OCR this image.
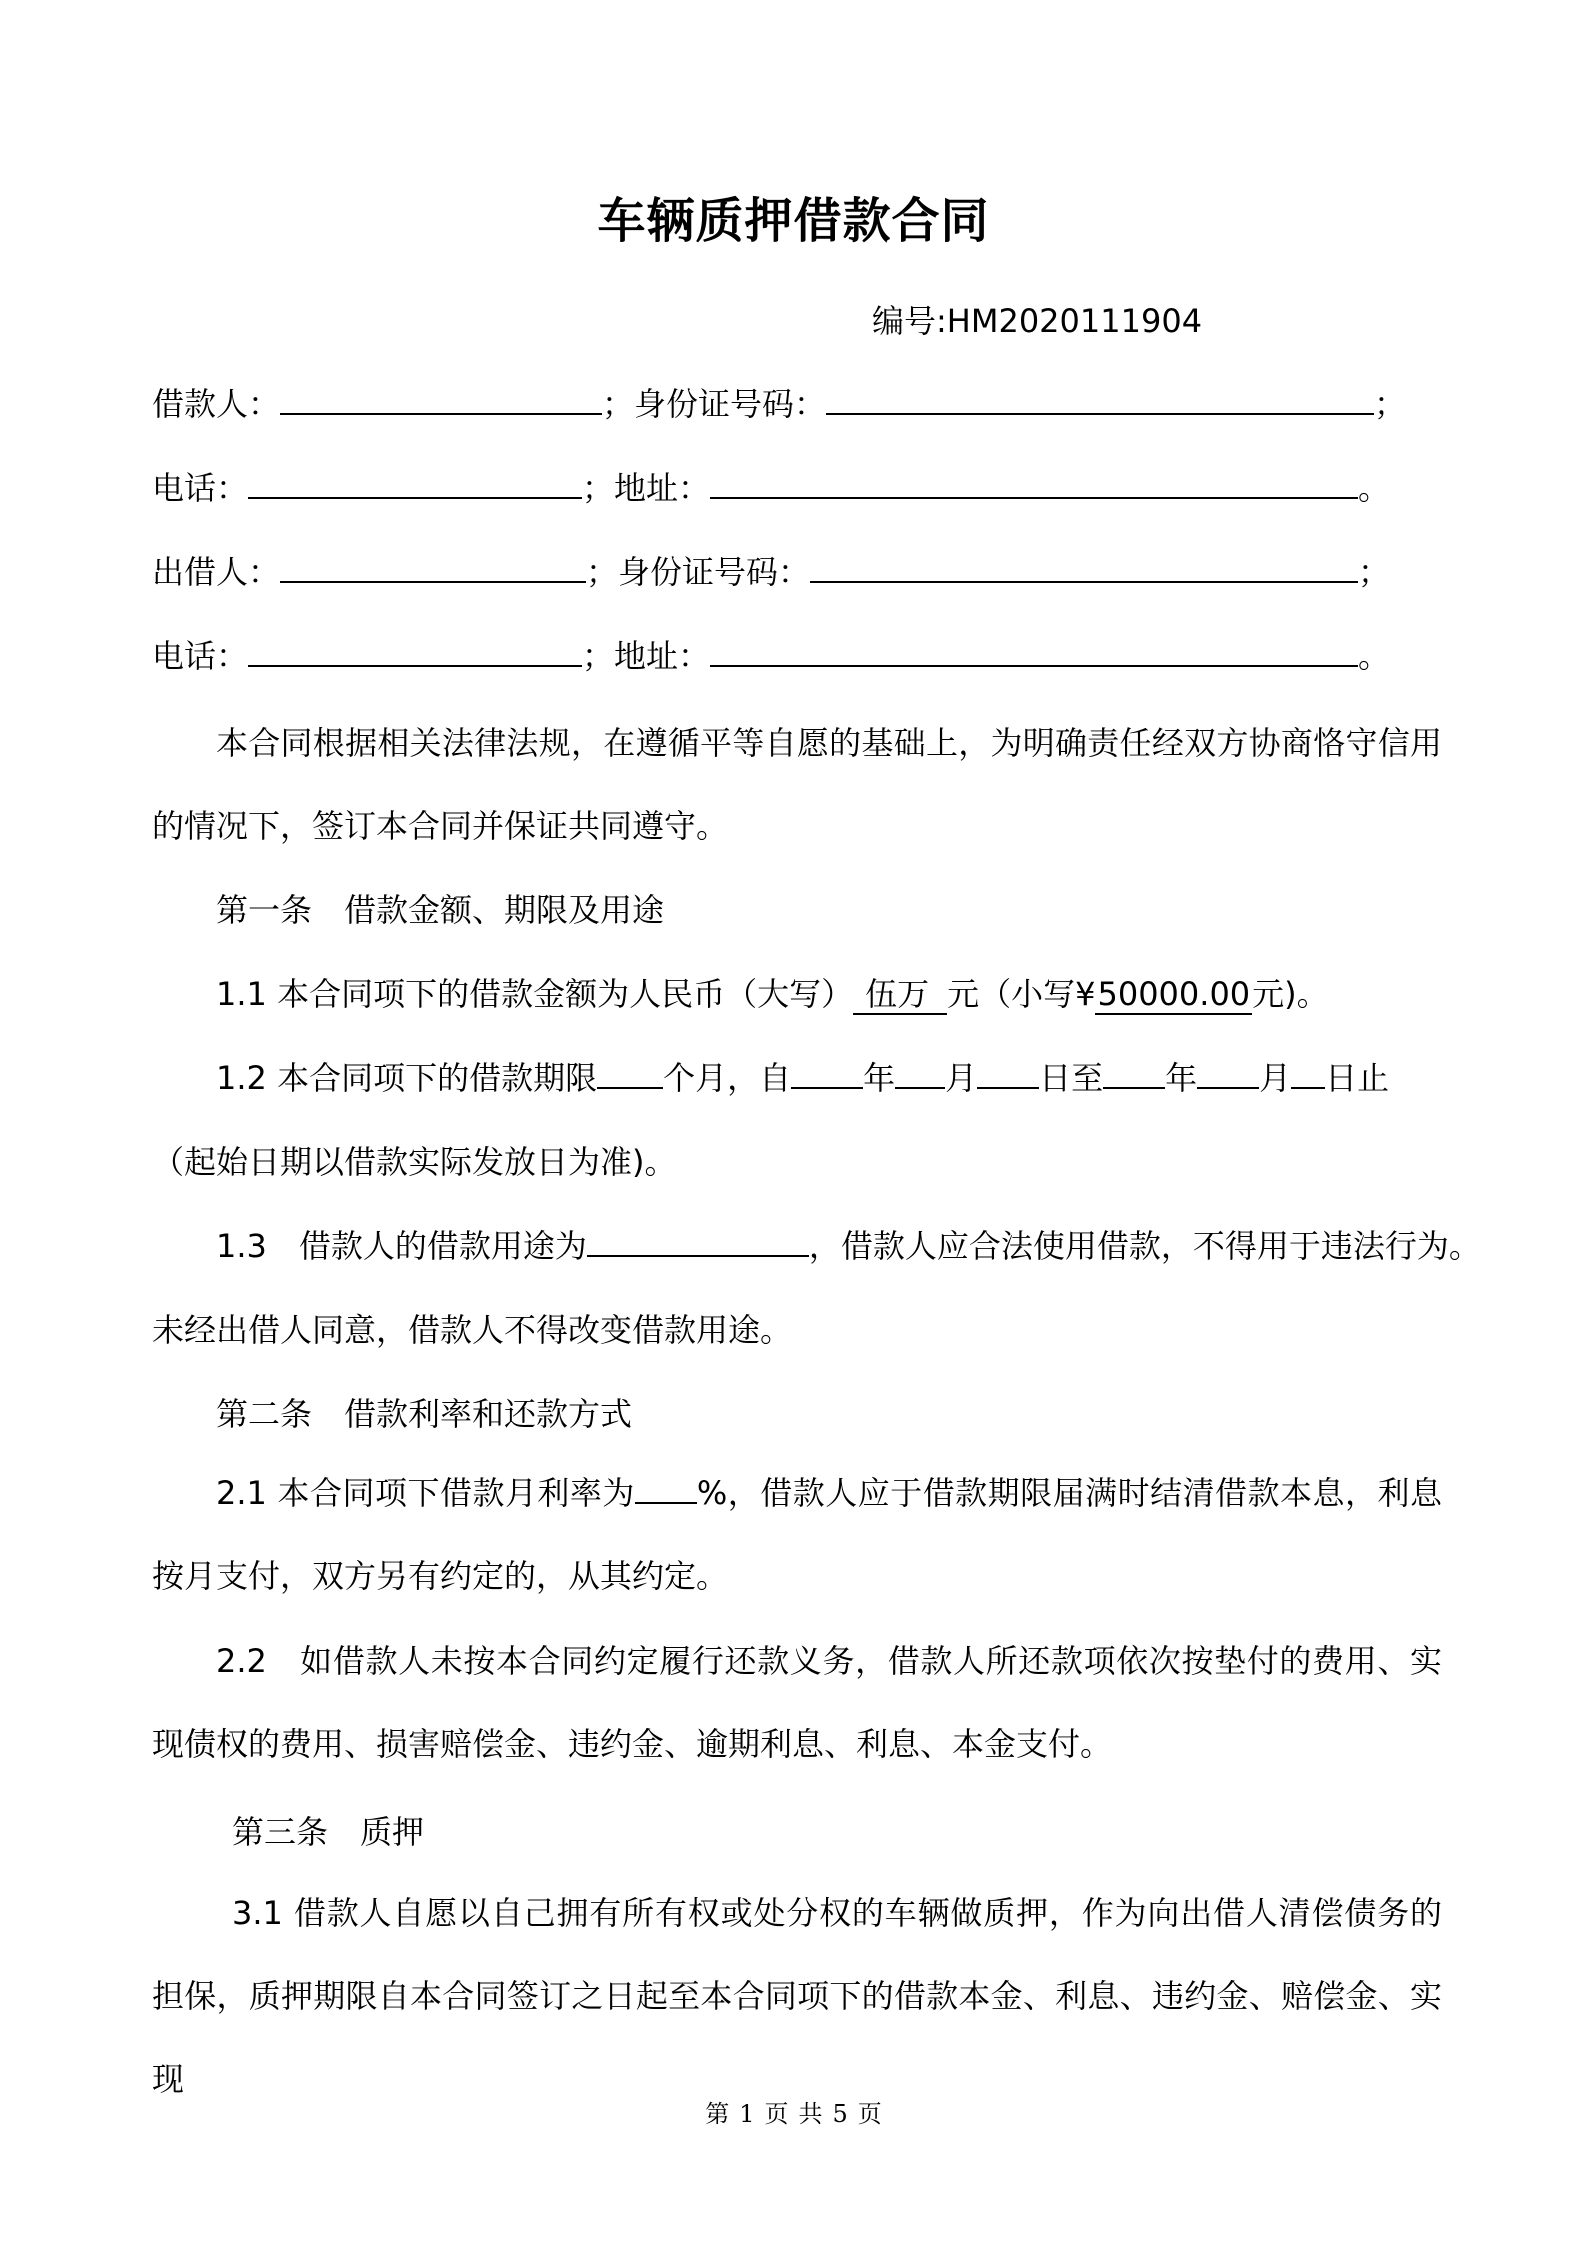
车辆质押借款合同
编号:HM2020111904
借款人：	；身份证号码：	；
电话：	；地址：	。
出借人：	；身份证号码：	；
电话：	；地址：	。
本合同根据相关法律法规，在遵循平等自愿的基础上，为明确责任经双方协商恪守信用的情况下，签订本合同并保证共同遵守。
第一条　借款金额、期限及用途
1.1 本合同项下的借款金额为人民币（大写） 伍万 元（小写¥50000.00元)。
1.2 本合同项下的借款期限 个月，自 年 月 日至 年 月 日止
（起始日期以借款实际发放日为准)。
1.3　借款人的借款用途为	，借款人应合法使用借款，不得用于违法行为。
未经出借人同意，借款人不得改变借款用途。
第二条　借款利率和还款方式
2.1 本合同项下借款月利率为 %，借款人应于借款期限届满时结清借款本息，利息按月支付，双方另有约定的，从其约定。
2.2　如借款人未按本合同约定履行还款义务，借款人所还款项依次按垫付的费用、实现债权的费用、损害赔偿金、违约金、逾期利息、利息、本金支付。
第三条　质押
3.1 借款人自愿以自己拥有所有权或处分权的车辆做质押，作为向出借人清偿债务的担保，质押期限自本合同签订之日起至本合同项下的借款本金、利息、违约金、赔偿金、实现
第 1 页 共 5 页
